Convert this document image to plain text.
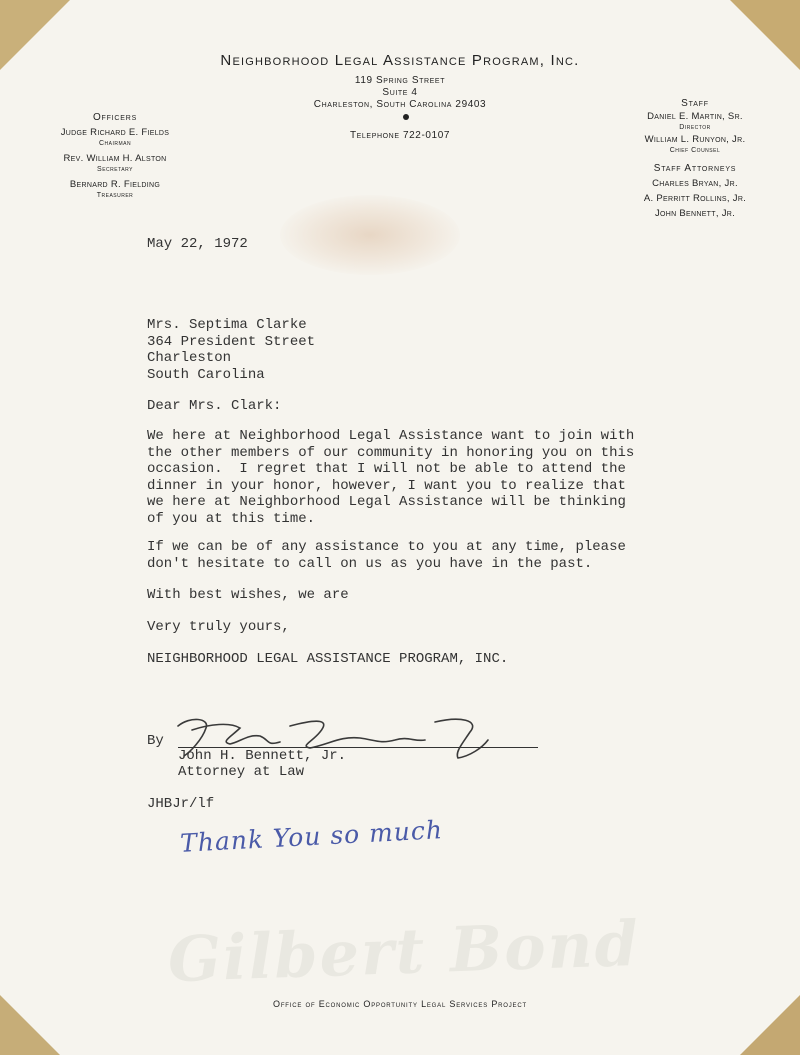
Neighborhood Legal Assistance Program, Inc.
119 Spring Street
Suite 4
Charleston, South Carolina 29403
Telephone 722-0107
Officers
Judge Richard E. Fields
Chairman
Rev. William H. Alston
Secretary
Bernard R. Fielding
Treasurer
Staff
Daniel E. Martin, Sr.
Director
William L. Runyon, Jr.
Chief Counsel
Staff Attorneys
Charles Bryan, Jr.
A. Perritt Rollins, Jr.
John Bennett, Jr.
May 22, 1972
Mrs. Septima Clarke
364 President Street
Charleston
South Carolina
Dear Mrs. Clark:
We here at Neighborhood Legal Assistance want to join with
the other members of our community in honoring you on this
occasion.  I regret that I will not be able to attend the
dinner in your honor, however, I want you to realize that
we here at Neighborhood Legal Assistance will be thinking
of you at this time.
If we can be of any assistance to you at any time, please
don't hesitate to call on us as you have in the past.
With best wishes, we are
Very truly yours,
NEIGHBORHOOD LEGAL ASSISTANCE PROGRAM, INC.
By
John H. Bennett, Jr.
Attorney at Law
JHBJr/lf
Thank You so much
Gilbert Bond
Office of Economic Opportunity Legal Services Project
